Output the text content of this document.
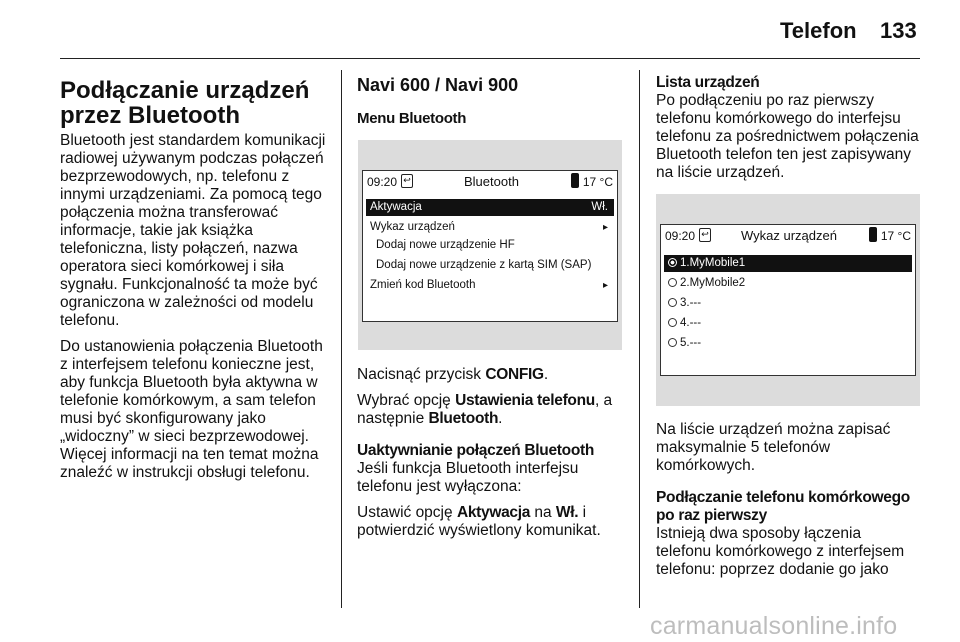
Telefon 133
Podłączanie urządzeń przez Bluetooth

Bluetooth jest standardem komunikacji radiowej używanym podczas połączeń bezprzewodowych, np. telefonu z innymi urządzeniami. Za pomocą tego połączenia można transferować informacje, takie jak książka telefoniczna, listy połączeń, nazwa operatora sieci komórkowej i siła sygnału. Funkcjonalność ta może być ograniczona w zależności od modelu telefonu.

Do ustanowienia połączenia Bluetooth z interfejsem telefonu konieczne jest, aby funkcja Bluetooth była aktywna w telefonie komórkowym, a sam telefon musi być skonfigurowany jako „widoczny” w sieci bezprzewodowej. Więcej informacji na ten temat można znaleźć w instrukcji obsługi telefonu.

Navi 600 / Navi 900
Menu Bluetooth
09:20 ↩	Bluetooth	17 °C
Aktywacja	Wł.
Wykaz urządzeń	▸
Dodaj nowe urządzenie HF
Dodaj nowe urządzenie z kartą SIM (SAP)
Zmień kod Bluetooth	▸

Nacisnąć przycisk CONFIG.

Wybrać opcję Ustawienia telefonu, a następnie Bluetooth.

Uaktywnianie połączeń Bluetooth

Jeśli funkcja Bluetooth interfejsu telefonu jest wyłączona:

Ustawić opcję Aktywacja na Wł. i potwierdzić wyświetlony komunikat.

Lista urządzeń

Po podłączeniu po raz pierwszy telefonu komórkowego do interfejsu telefonu za pośrednictwem połączenia Bluetooth telefon ten jest zapisywany na liście urządzeń.

09:20 ↩ Wykaz urządzeń	17 °C
1.MyMobile1
2.MyMobile2
3.---
4.---
5.---

Na liście urządzeń można zapisać maksymalnie 5 telefonów komórkowych.

Podłączanie telefonu komórkowego po raz pierwszy

Istnieją dwa sposoby łączenia telefonu komórkowego z interfejsem telefonu: poprzez dodanie go jako

carmanualsonline.info
